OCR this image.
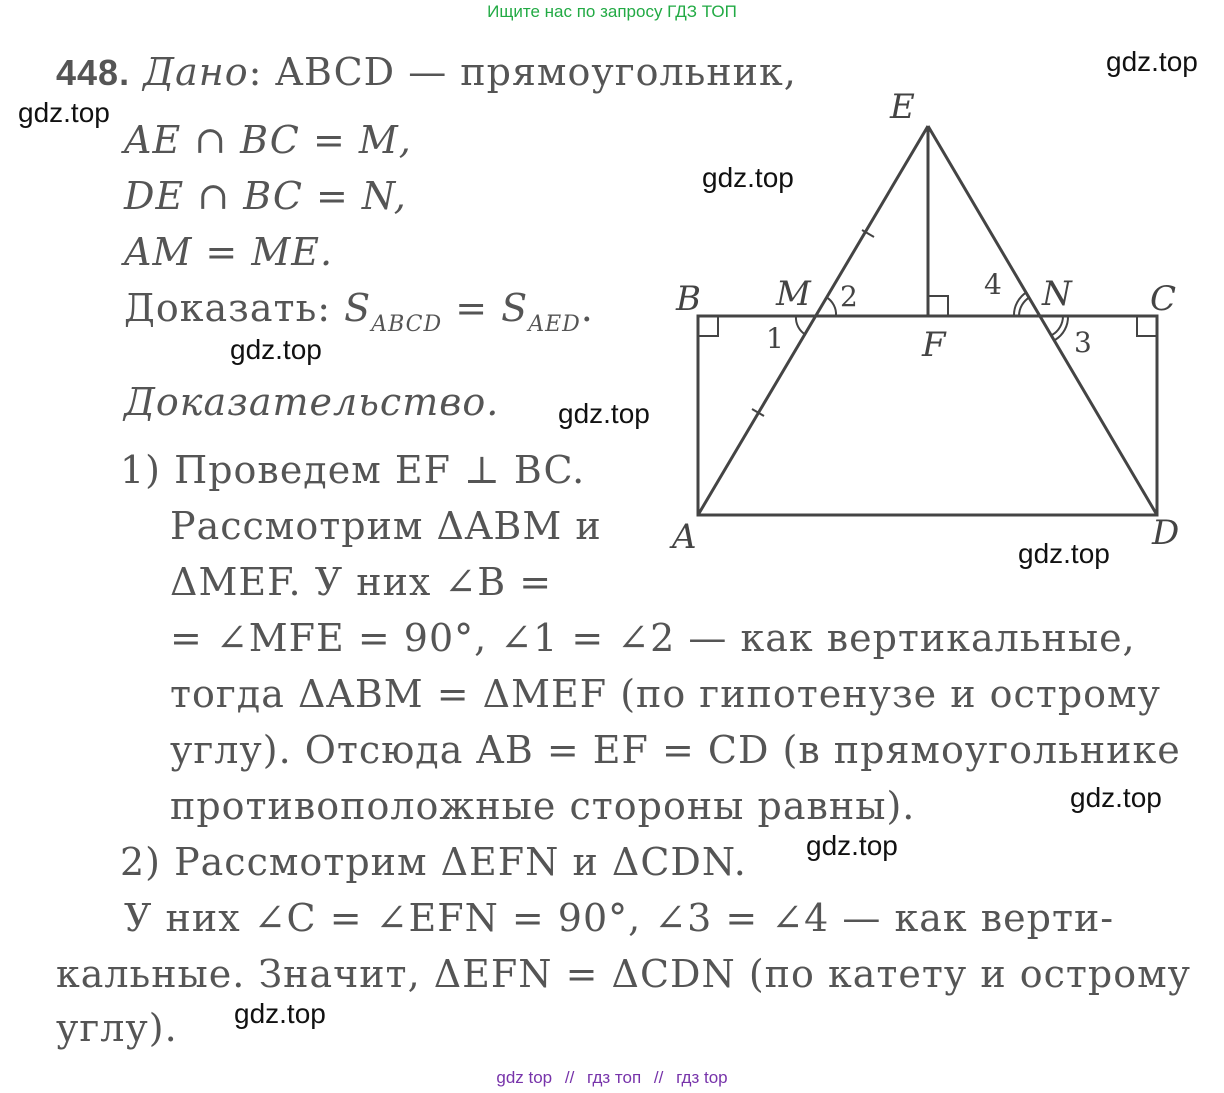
Ищите нас по запросу ГДЗ ТОП
448. Дано: ABCD — прямоугольник,
AE ∩ BC = M,
DE ∩ BC = N,
AM = ME.
Доказать: $S_{ABCD} = S_{AED}$.
Доказательство.
1) Проведем EF ⊥ BC.
Рассмотрим ΔABM и
ΔMEF. У них ∠B =
= ∠MFE = 90°, ∠1 = ∠2 — как вертикальные,
тогда ΔABM = ΔMEF (по гипотенузе и острому
углу). Отсюда AB = EF = CD (в прямоугольнике
противоположные стороны равны).
2) Рассмотрим ΔEFN и ΔCDN.
У них ∠C = ∠EFN = 90°, ∠3 = ∠4 — как верти-
кальные. Значит, ΔEFN = ΔCDN (по катету и острому
углу).
E
B M	N C
F
A	D
1
2
3
4
gdz.top
gdz.top
gdz.top
gdz.top
gdz.top
gdz.top
gdz.top
gdz.top
gdz.top
gdz top // гдз топ // гдз top
